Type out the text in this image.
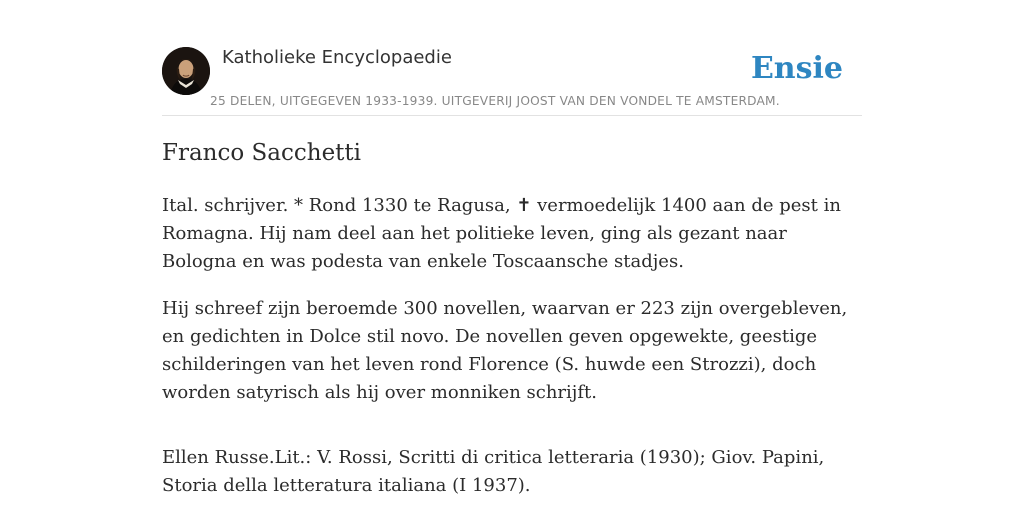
Katholieke Encyclopaedie	Ensie
25 DELEN, UITGEGEVEN 1933-1939. UITGEVERIJ JOOST VAN DEN VONDEL TE AMSTERDAM.
Franco Sacchetti

Ital. schrijver. * Rond 1330 te Ragusa, ✝ vermoedelijk 1400 aan de pest in Romagna. Hij nam deel aan het politieke leven, ging als gezant naar Bologna en was podesta van enkele Toscaansche stadjes.

Hij schreef zijn beroemde 300 novellen, waarvan er 223 zijn overgebleven, en gedichten in Dolce stil novo. De novellen geven opgewekte, geestige schilderingen van het leven rond Florence (S. huwde een Strozzi), doch worden satyrisch als hij over monniken schrijft.

Ellen Russe.Lit.: V. Rossi, Scritti di critica letteraria (1930); Giov. Papini, Storia della letteratura italiana (I 1937).
